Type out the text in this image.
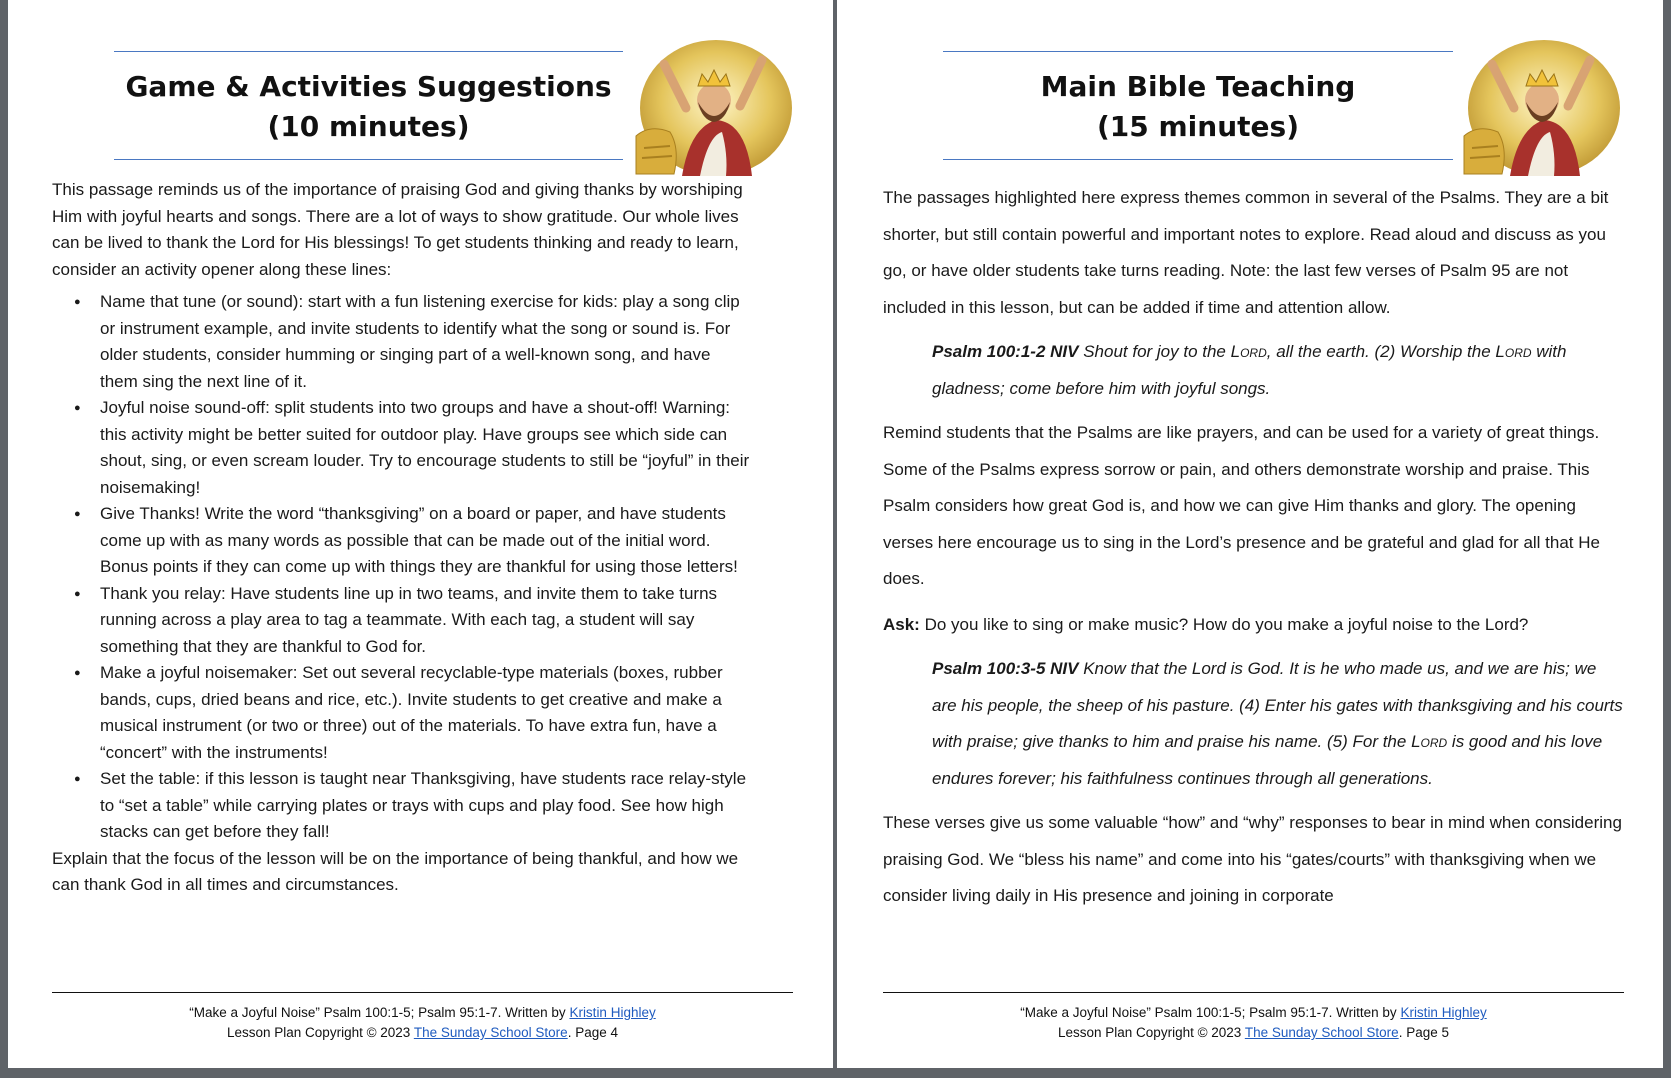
Game & Activities Suggestions
(10 minutes)

This passage reminds us of the importance of praising God and giving thanks by worshiping Him with joyful hearts and songs. There are a lot of ways to show gratitude. Our whole lives can be lived to thank the Lord for His blessings! To get students thinking and ready to learn, consider an activity opener along these lines:

● Name that tune (or sound): start with a fun listening exercise for kids: play a song clip or instrument example, and invite students to identify what the song or sound is. For older students, consider humming or singing part of a well-known song, and have them sing the next line of it.
● Joyful noise sound-off: split students into two groups and have a shout-off! Warning: this activity might be better suited for outdoor play. Have groups see which side can shout, sing, or even scream louder. Try to encourage students to still be “joyful” in their noisemaking!
● Give Thanks! Write the word “thanksgiving” on a board or paper, and have students come up with as many words as possible that can be made out of the initial word. Bonus points if they can come up with things they are thankful for using those letters!
● Thank you relay: Have students line up in two teams, and invite them to take turns running across a play area to tag a teammate. With each tag, a student will say something that they are thankful to God for.
● Make a joyful noisemaker: Set out several recyclable-type materials (boxes, rubber bands, cups, dried beans and rice, etc.). Invite students to get creative and make a musical instrument (or two or three) out of the materials. To have extra fun, have a “concert” with the instruments!
● Set the table: if this lesson is taught near Thanksgiving, have students race relay-style to “set a table” while carrying plates or trays with cups and play food. See how high stacks can get before they fall!

Explain that the focus of the lesson will be on the importance of being thankful, and how we can thank God in all times and circumstances.

“Make a Joyful Noise” Psalm 100:1-5; Psalm 95:1-7. Written by Kristin Highley
Lesson Plan Copyright © 2023 The Sunday School Store. Page 4
Main Bible Teaching
(15 minutes)

The passages highlighted here express themes common in several of the Psalms. They are a bit shorter, but still contain powerful and important notes to explore. Read aloud and discuss as you go, or have older students take turns reading. Note: the last few verses of Psalm 95 are not included in this lesson, but can be added if time and attention allow.

Psalm 100:1-2 NIV Shout for joy to the Lord, all the earth. (2) Worship the Lord with gladness; come before him with joyful songs.

Remind students that the Psalms are like prayers, and can be used for a variety of great things. Some of the Psalms express sorrow or pain, and others demonstrate worship and praise. This Psalm considers how great God is, and how we can give Him thanks and glory. The opening verses here encourage us to sing in the Lord’s presence and be grateful and glad for all that He does.

Ask: Do you like to sing or make music? How do you make a joyful noise to the Lord?

Psalm 100:3-5 NIV Know that the Lord is God. It is he who made us, and we are his; we are his people, the sheep of his pasture. (4) Enter his gates with thanksgiving and his courts with praise; give thanks to him and praise his name. (5) For the Lord is good and his love endures forever; his faithfulness continues through all generations.

These verses give us some valuable “how” and “why” responses to bear in mind when considering praising God. We “bless his name” and come into his “gates/courts” with thanksgiving when we consider living daily in His presence and joining in corporate

“Make a Joyful Noise” Psalm 100:1-5; Psalm 95:1-7. Written by Kristin Highley
Lesson Plan Copyright © 2023 The Sunday School Store. Page 5
